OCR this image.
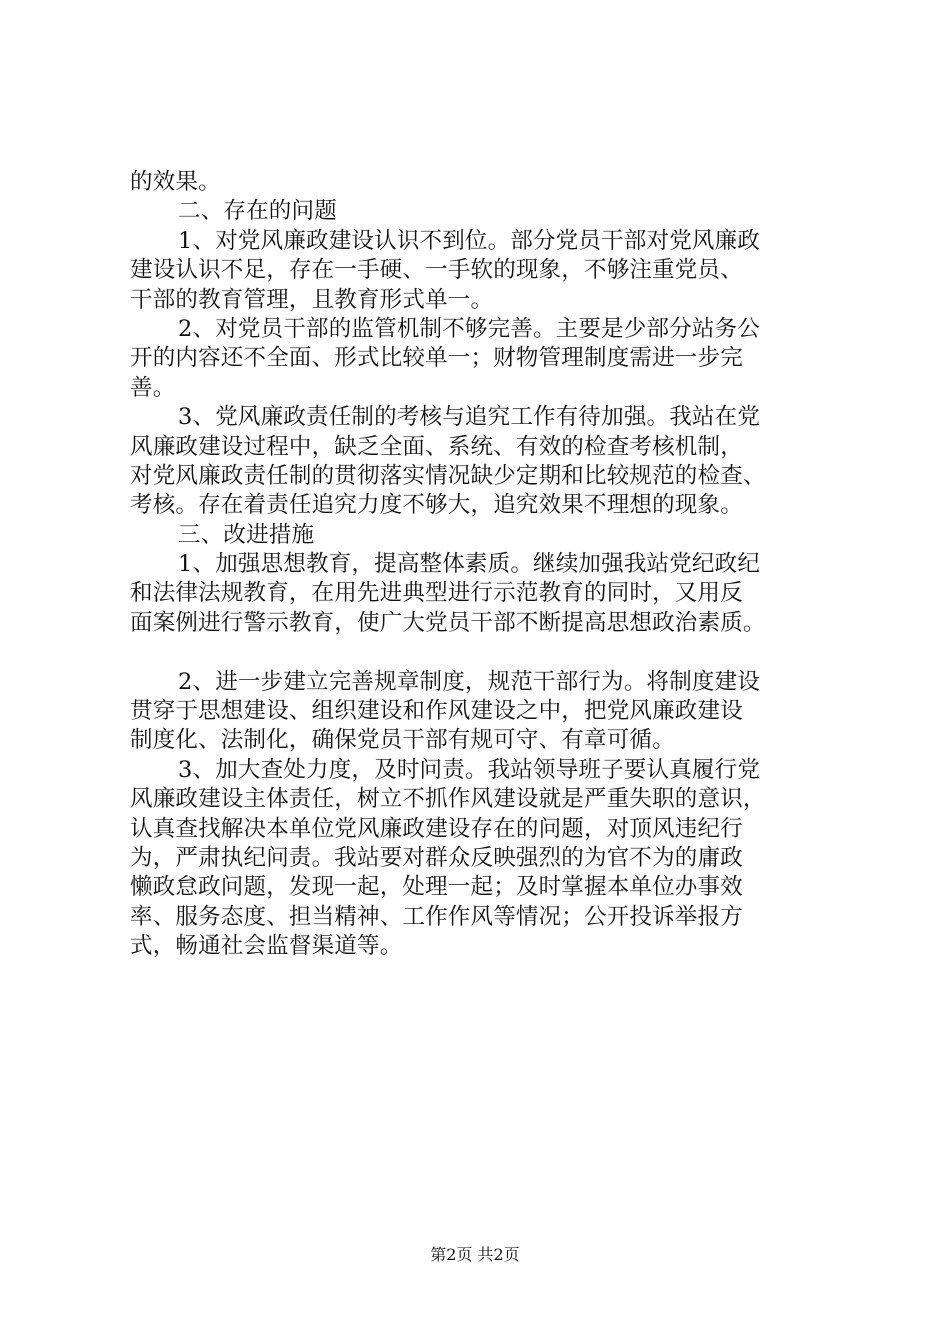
的效果。
二、存在的问题
1、对党风廉政建设认识不到位。部分党员干部对党风廉政
建设认识不足，存在一手硬、一手软的现象，不够注重党员、
干部的教育管理，且教育形式单一。
2、对党员干部的监管机制不够完善。主要是少部分站务公
开的内容还不全面、形式比较单一；财物管理制度需进一步完
善。
3、党风廉政责任制的考核与追究工作有待加强。我站在党
风廉政建设过程中，缺乏全面、系统、有效的检查考核机制，
对党风廉政责任制的贯彻落实情况缺少定期和比较规范的检查、
考核。存在着责任追究力度不够大，追究效果不理想的现象。
三、改进措施
1、加强思想教育，提高整体素质。继续加强我站党纪政纪
和法律法规教育，在用先进典型进行示范教育的同时，又用反
面案例进行警示教育，使广大党员干部不断提高思想政治素质。
2、进一步建立完善规章制度，规范干部行为。将制度建设
贯穿于思想建设、组织建设和作风建设之中，把党风廉政建设
制度化、法制化，确保党员干部有规可守、有章可循。
3、加大查处力度，及时问责。我站领导班子要认真履行党
风廉政建设主体责任，树立不抓作风建设就是严重失职的意识，
认真查找解决本单位党风廉政建设存在的问题，对顶风违纪行
为，严肃执纪问责。我站要对群众反映强烈的为官不为的庸政
懒政怠政问题，发现一起，处理一起；及时掌握本单位办事效
率、服务态度、担当精神、工作作风等情况；公开投诉举报方
式，畅通社会监督渠道等。
第2页 共2页
